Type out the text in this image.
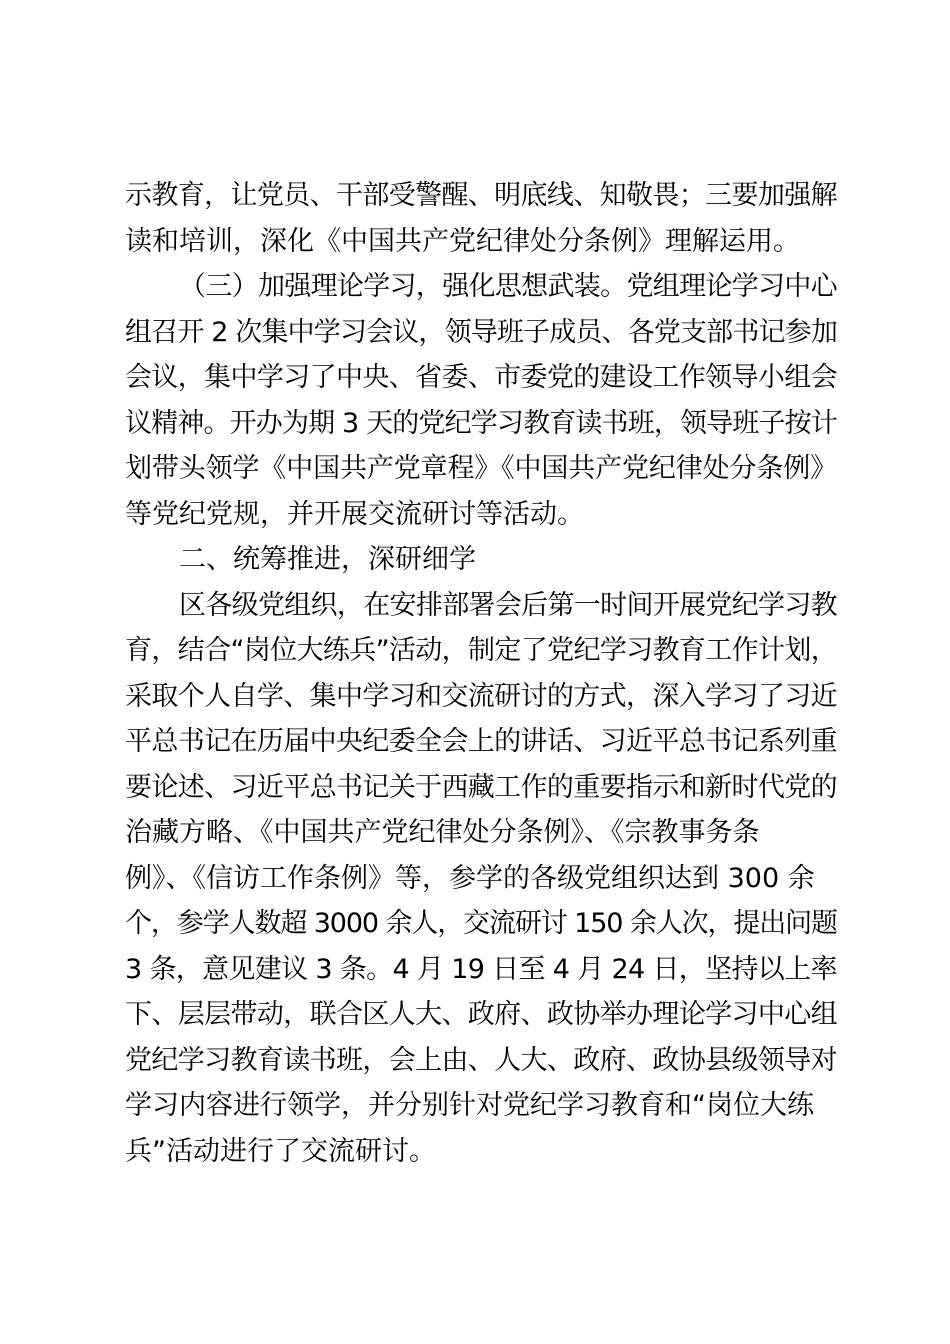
示教育，让党员、干部受警醒、明底线、知敬畏；三要加强解
读和培训，深化《中国共产党纪律处分条例》理解运用。
（三）加强理论学习，强化思想武装。党组理论学习中心
组召开 2 次集中学习会议，领导班子成员、各党支部书记参加
会议，集中学习了中央、省委、市委党的建设工作领导小组会
议精神。开办为期 3 天的党纪学习教育读书班，领导班子按计
划带头领学《中国共产党章程》《中国共产党纪律处分条例》
等党纪党规，并开展交流研讨等活动。
二、统筹推进，深研细学
区各级党组织，在安排部署会后第一时间开展党纪学习教
育，结合“岗位大练兵”活动，制定了党纪学习教育工作计划，
采取个人自学、集中学习和交流研讨的方式，深入学习了习近
平总书记在历届中央纪委全会上的讲话、习近平总书记系列重
要论述、习近平总书记关于西藏工作的重要指示和新时代党的
治藏方略、《中国共产党纪律处分条例》、《宗教事务条
例》、《信访工作条例》等，参学的各级党组织达到 300 余
个，参学人数超 3000 余人，交流研讨 150 余人次，提出问题
3 条，意见建议 3 条。4 月 19 日至 4 月 24 日，坚持以上率
下、层层带动，联合区人大、政府、政协举办理论学习中心组
党纪学习教育读书班，会上由、人大、政府、政协县级领导对
学习内容进行领学，并分别针对党纪学习教育和“岗位大练
兵”活动进行了交流研讨。
